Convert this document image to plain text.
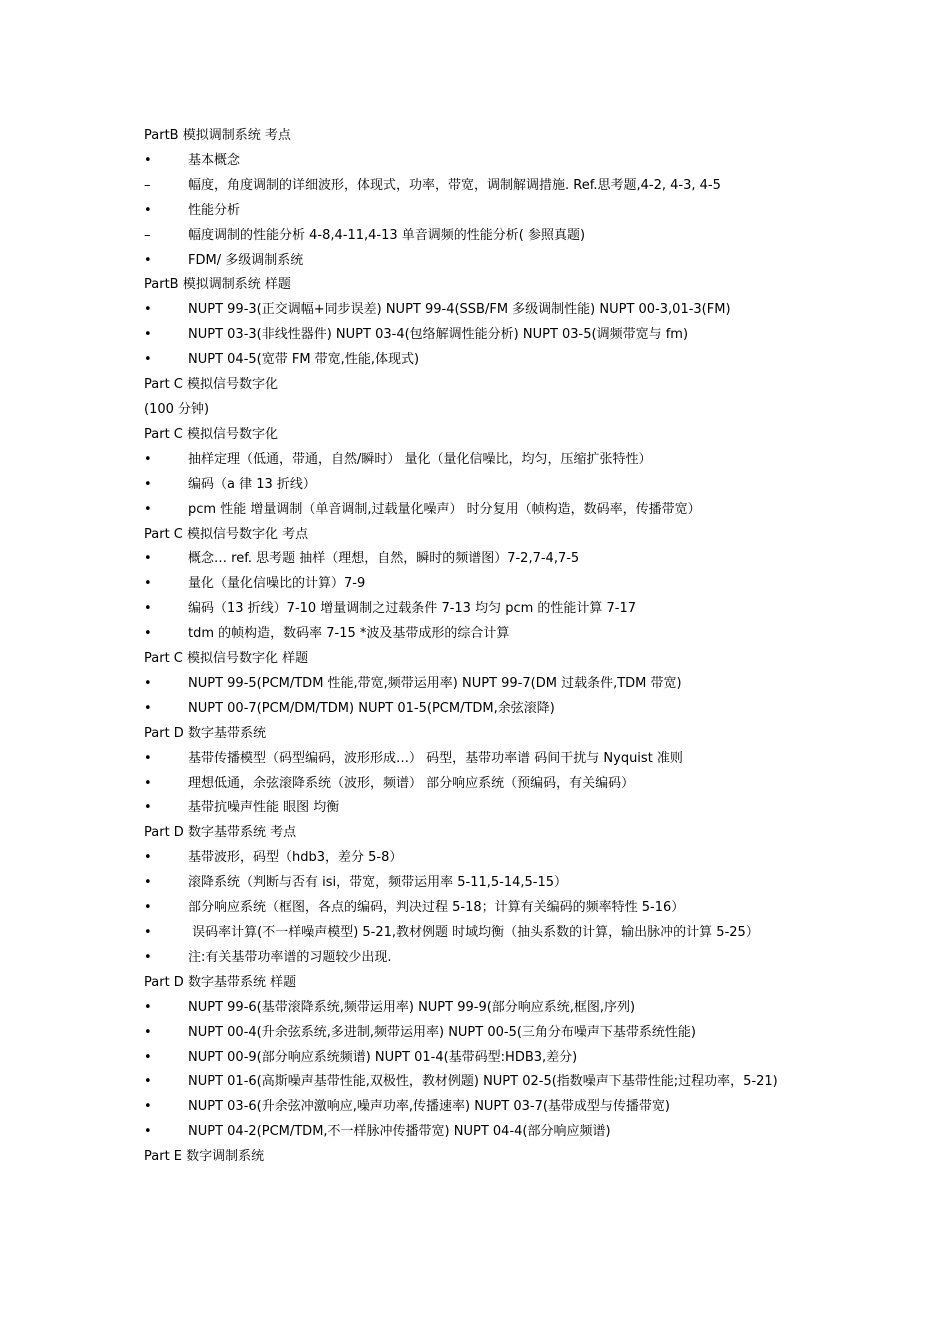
PartB 模拟调制系统 考点
•	基本概念
–	幅度，角度调制的详细波形，体现式，功率，带宽，调制解调措施. Ref.思考题,4-2, 4-3, 4-5
•	性能分析
–	幅度调制的性能分析 4-8,4-11,4-13 单音调频的性能分析( 参照真题)
•	FDM/ 多级调制系统
PartB 模拟调制系统 样题
•	NUPT 99-3(正交调幅+同步误差) NUPT 99-4(SSB/FM 多级调制性能) NUPT 00-3,01-3(FM)
•	NUPT 03-3(非线性器件) NUPT 03-4(包络解调性能分析) NUPT 03-5(调频带宽与 fm)
•	NUPT 04-5(宽带 FM 带宽,性能,体现式)
Part C 模拟信号数字化
(100 分钟)
Part C 模拟信号数字化
•	抽样定理（低通，带通，自然/瞬时） 量化（量化信噪比，均匀，压缩扩张特性）
•	编码（a 律 13 折线）
•	pcm 性能 增量调制（单音调制,过载量化噪声） 时分复用（帧构造，数码率，传播带宽）
Part C 模拟信号数字化 考点
•	概念… ref. 思考题 抽样（理想，自然，瞬时的频谱图）7-2,7-4,7-5
•	量化（量化信噪比的计算）7-9
•	编码（13 折线）7-10 增量调制之过载条件 7-13 均匀 pcm 的性能计算 7-17
•	tdm 的帧构造，数码率 7-15 *波及基带成形的综合计算
Part C 模拟信号数字化 样题
•	NUPT 99-5(PCM/TDM 性能,带宽,频带运用率) NUPT 99-7(DM 过载条件,TDM 带宽)
•	NUPT 00-7(PCM/DM/TDM) NUPT 01-5(PCM/TDM,余弦滚降)
Part D 数字基带系统
•	基带传播模型（码型编码，波形形成…） 码型，基带功率谱 码间干扰与 Nyquist 准则
•	理想低通，余弦滚降系统（波形，频谱） 部分响应系统（预编码，有关编码）
•	基带抗噪声性能 眼图 均衡
Part D 数字基带系统 考点
•	基带波形，码型（hdb3，差分 5-8）
•	滚降系统（判断与否有 isi，带宽，频带运用率 5-11,5-14,5-15）
•	部分响应系统（框图，各点的编码，判决过程 5-18；计算有关编码的频率特性 5-16）
•	误码率计算(不一样噪声模型) 5-21,教材例题 时域均衡（抽头系数的计算，输出脉冲的计算 5-25）
•	注:有关基带功率谱的习题较少出现.
Part D 数字基带系统 样题
•	NUPT 99-6(基带滚降系统,频带运用率) NUPT 99-9(部分响应系统,框图,序列)
•	NUPT 00-4(升余弦系统,多进制,频带运用率) NUPT 00-5(三角分布噪声下基带系统性能)
•	NUPT 00-9(部分响应系统频谱) NUPT 01-4(基带码型:HDB3,差分)
•	NUPT 01-6(高斯噪声基带性能,双极性，教材例题) NUPT 02-5(指数噪声下基带性能;过程功率，5-21)
•	NUPT 03-6(升余弦冲激响应,噪声功率,传播速率) NUPT 03-7(基带成型与传播带宽)
•	NUPT 04-2(PCM/TDM,不一样脉冲传播带宽) NUPT 04-4(部分响应频谱)
Part E 数字调制系统
